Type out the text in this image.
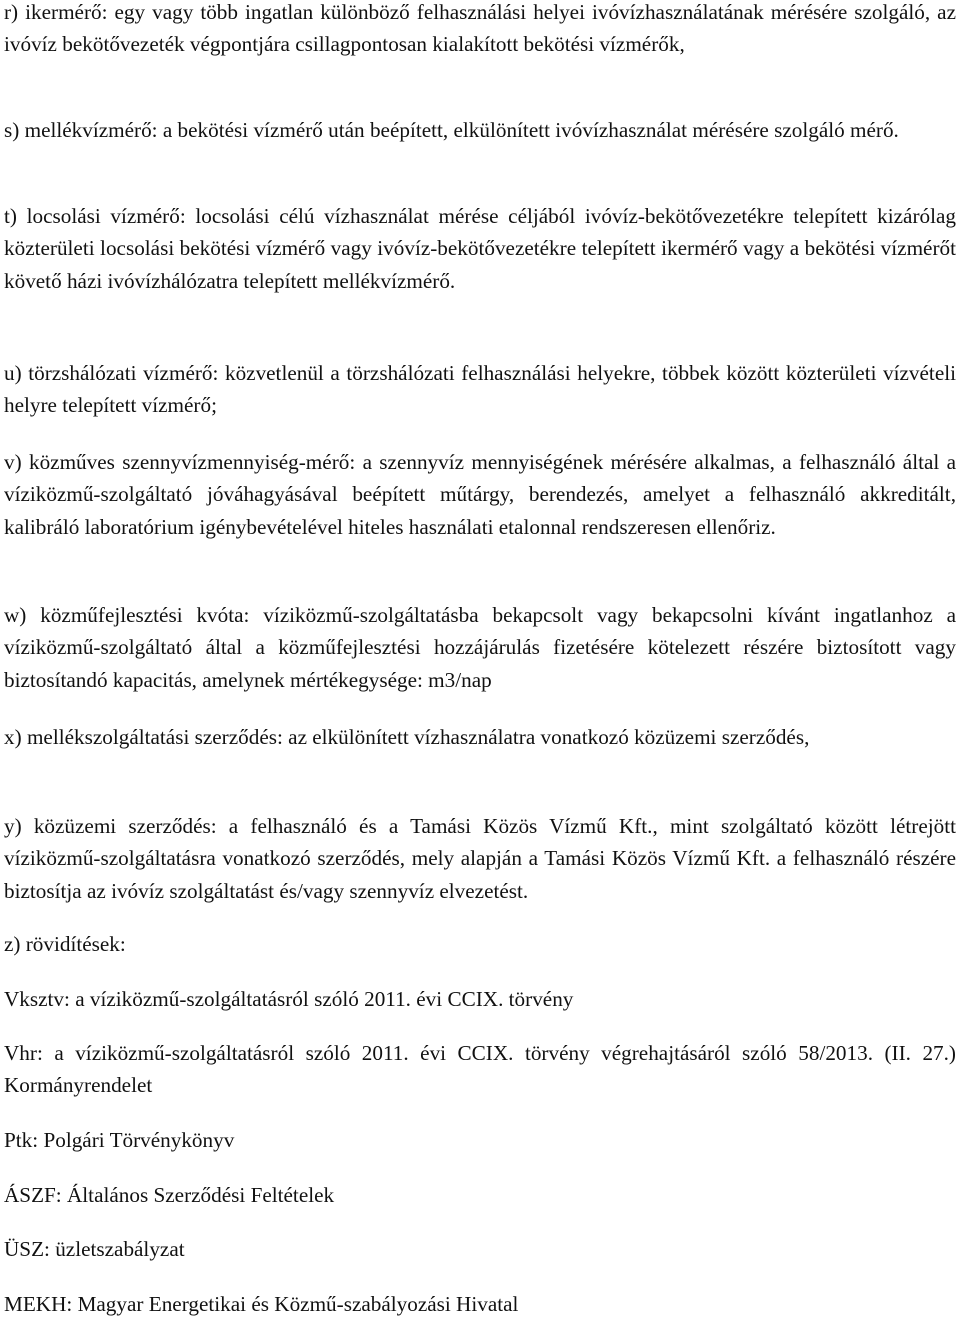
r) ikermérő: egy vagy több ingatlan különböző felhasználási helyei ivóvízhasználatának mérésére szolgáló, az ivóvíz bekötővezeték végpontjára csillagpontosan kialakított bekötési vízmérők,

s) mellékvízmérő: a bekötési vízmérő után beépített, elkülönített ivóvízhasználat mérésére szolgáló mérő.

t) locsolási vízmérő: locsolási célú vízhasználat mérése céljából ivóvíz-bekötővezetékre telepített kizárólag közterületi locsolási bekötési vízmérő vagy ivóvíz-bekötővezetékre telepített ikermérő vagy a bekötési vízmérőt követő házi ivóvízhálózatra telepített mellékvízmérő.

u) törzshálózati vízmérő: közvetlenül a törzshálózati felhasználási helyekre, többek között közterületi vízvételi helyre telepített vízmérő;

v) közműves szennyvízmennyiség-mérő: a szennyvíz mennyiségének mérésére alkalmas, a felhasználó által a víziközmű-szolgáltató jóváhagyásával beépített műtárgy, berendezés, amelyet a felhasználó akkreditált, kalibráló laboratórium igénybevételével hiteles használati etalonnal rendszeresen ellenőriz.

w) közműfejlesztési kvóta: víziközmű-szolgáltatásba bekapcsolt vagy bekapcsolni kívánt ingatlanhoz a víziközmű-szolgáltató által a közműfejlesztési hozzájárulás fizetésére kötelezett részére biztosított vagy biztosítandó kapacitás, amelynek mértékegysége: m3/nap

x) mellékszolgáltatási szerződés: az elkülönített vízhasználatra vonatkozó közüzemi szerződés,

y) közüzemi szerződés: a felhasználó és a Tamási Közös Vízmű Kft., mint szolgáltató között létrejött víziközmű-szolgáltatásra vonatkozó szerződés, mely alapján a Tamási Közös Vízmű Kft. a felhasználó részére biztosítja az ivóvíz szolgáltatást és/vagy szennyvíz elvezetést.

z) rövidítések:

Vksztv: a víziközmű-szolgáltatásról szóló 2011. évi CCIX. törvény

Vhr: a víziközmű-szolgáltatásról szóló 2011. évi CCIX. törvény végrehajtásáról szóló 58/2013. (II. 27.) Kormányrendelet

Ptk: Polgári Törvénykönyv

ÁSZF: Általános Szerződési Feltételek

ÜSZ: üzletszabályzat

MEKH: Magyar Energetikai és Közmű-szabályozási Hivatal
